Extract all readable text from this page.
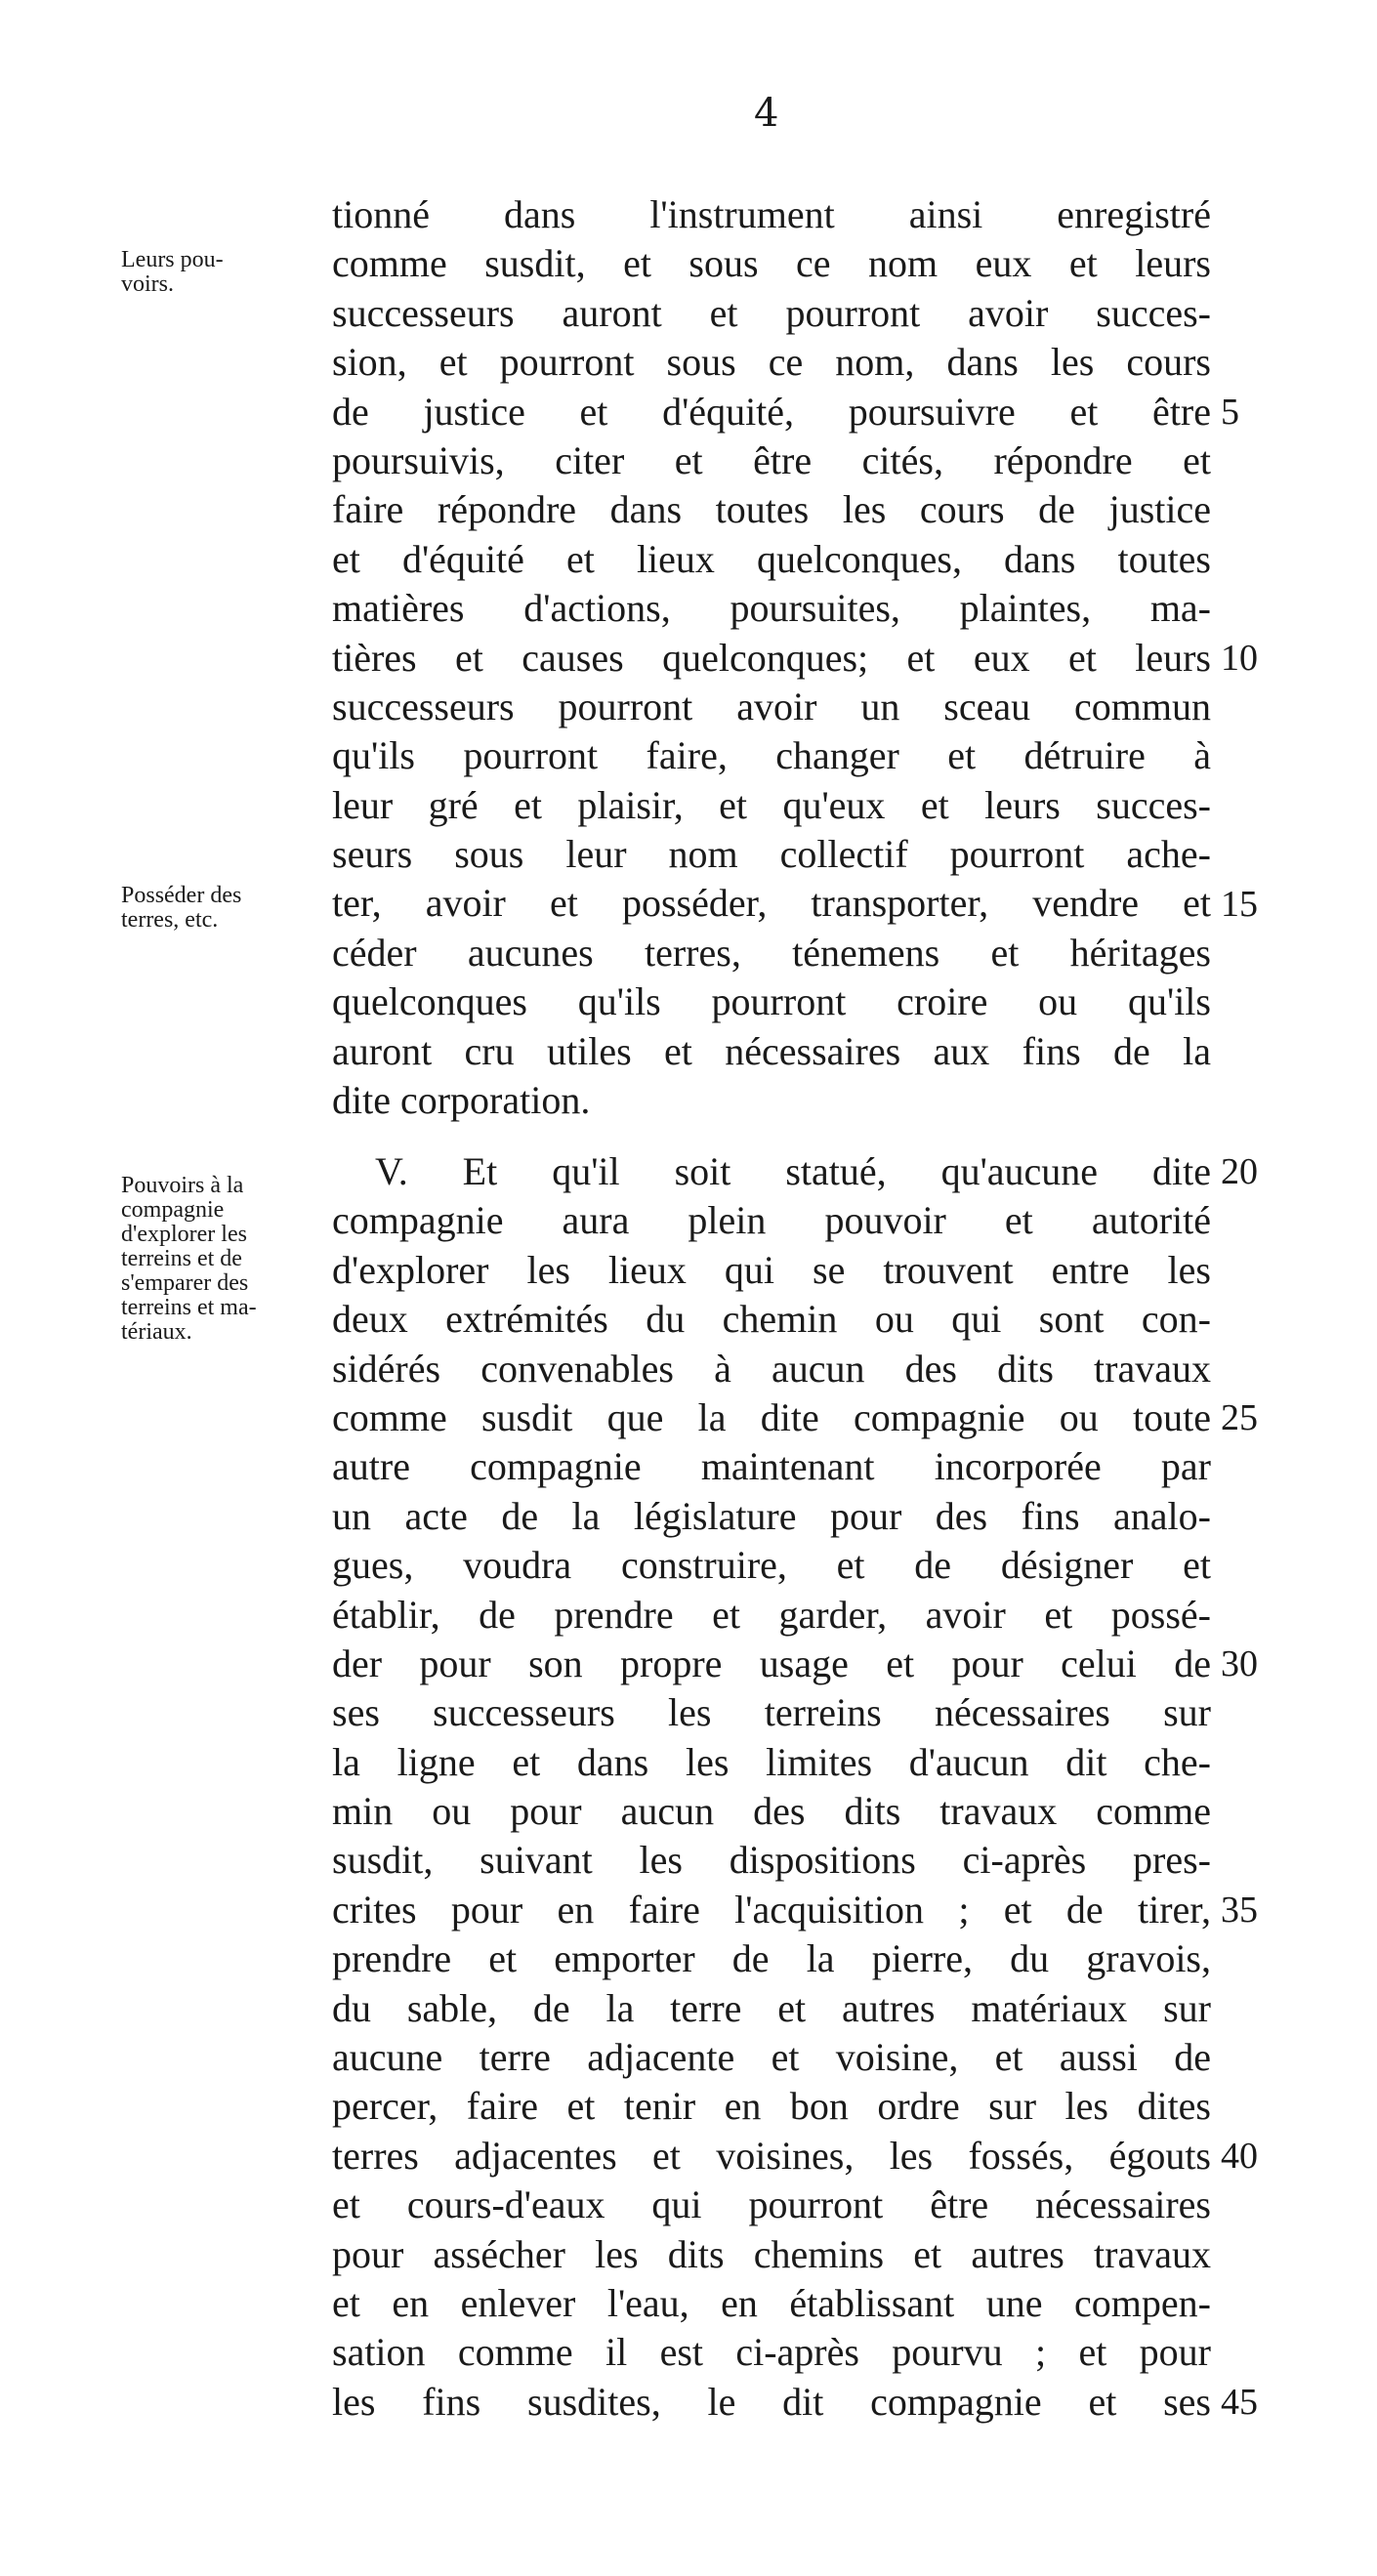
4
Leurs pou-
voirs.
Posséder des
terres, etc.
Pouvoirs à la
compagnie
d'explorer les
terreins et de
s'emparer des
terreins et ma-
tériaux.
tionné dans l'instrument ainsi enregistré
comme susdit, et sous ce nom eux et leurs
successeurs auront et pourront avoir succes-
sion, et pourront sous ce nom, dans les cours
de justice et d'équité, poursuivre et être
poursuivis, citer et être cités, répondre et
faire répondre dans toutes les cours de justice
et d'équité et lieux quelconques, dans toutes
matières d'actions, poursuites, plaintes, ma-
tières et causes quelconques; et eux et leurs
successeurs pourront avoir un sceau commun
qu'ils pourront faire, changer et détruire à
leur gré et plaisir, et qu'eux et leurs succes-
seurs sous leur nom collectif pourront ache-
ter, avoir et posséder, transporter, vendre et
céder aucunes terres, ténemens et héritages
quelconques qu'ils pourront croire ou qu'ils
auront cru utiles et nécessaires aux fins de la
dite corporation.
V. Et qu'il soit statué, qu'aucune dite
compagnie aura plein pouvoir et autorité
d'explorer les lieux qui se trouvent entre les
deux extrémités du chemin ou qui sont con-
sidérés convenables à aucun des dits travaux
comme susdit que la dite compagnie ou toute
autre compagnie maintenant incorporée par
un acte de la législature pour des fins analo-
gues, voudra construire, et de désigner et
établir, de prendre et garder, avoir et possé-
der pour son propre usage et pour celui de
ses successeurs les terreins nécessaires sur
la ligne et dans les limites d'aucun dit che-
min ou pour aucun des dits travaux comme
susdit, suivant les dispositions ci-après pres-
crites pour en faire l'acquisition ; et de tirer,
prendre et emporter de la pierre, du gravois,
du sable, de la terre et autres matériaux sur
aucune terre adjacente et voisine, et aussi de
percer, faire et tenir en bon ordre sur les dites
terres adjacentes et voisines, les fossés, égouts
et cours-d'eaux qui pourront être nécessaires
pour assécher les dits chemins et autres travaux
et en enlever l'eau, en établissant une compen-
sation comme il est ci-après pourvu ; et pour
les fins susdites, le dit compagnie et ses
5
10
15
20
25
30
35
40
45
